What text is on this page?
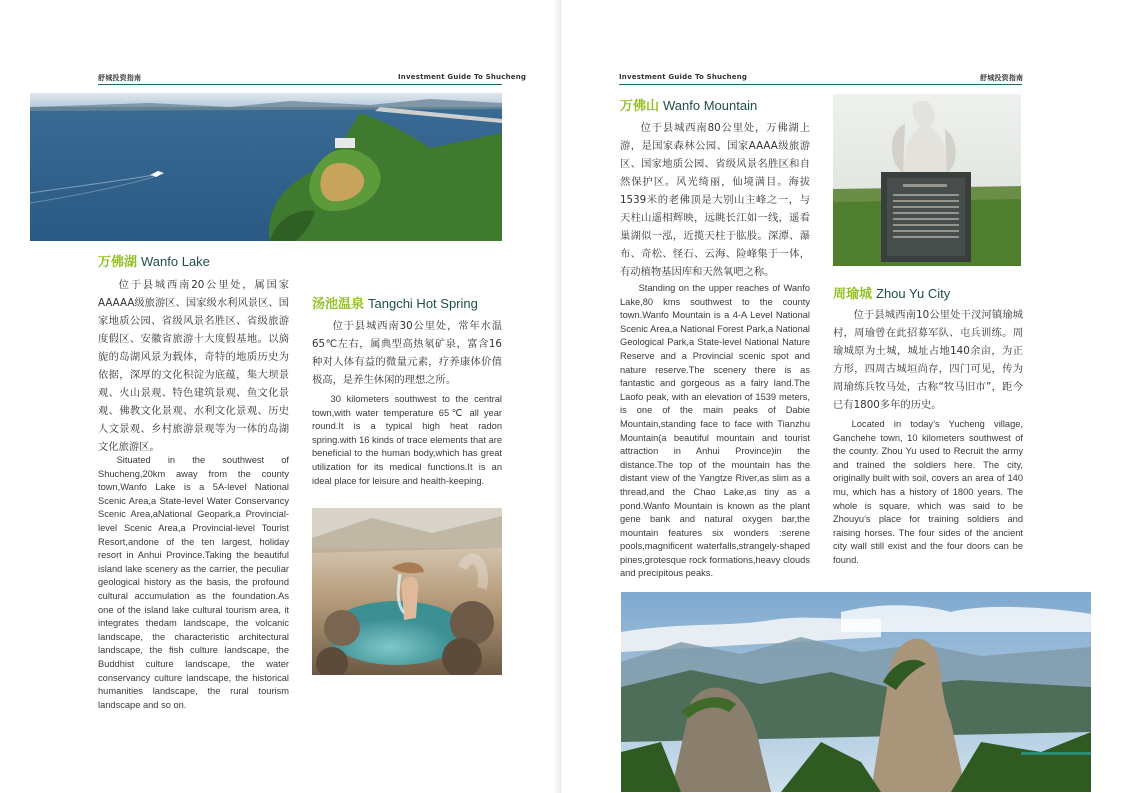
舒城投资指南	Investment Guide To Shucheng
万佛湖 Wanfo Lake
位于县城西南20公里处，属国家AAAAA级旅游区、国家级水利风景区、国家地质公园、省级风景名胜区、省级旅游度假区、安徽省旅游十大度假基地。以旖旎的岛湖风景为载体，奇特的地质历史为依据，深厚的文化积淀为底蕴，集大坝景观、火山景观、特色建筑景观、鱼文化景观、佛教文化景观、水利文化景观、历史人文景观、乡村旅游景观等为一体的岛湖文化旅游区。
Situated in the southwest of Shucheng,20km away from the county town,Wanfo Lake is a 5A-level National Scenic Area,a State-level Water Conservancy Scenic Area,aNational Geopark,a Provincial-level Scenic Area,a Provincial-level Tourist Resort,andone of the ten largest, holiday resort in Anhui Province.Taking the beautiful island lake scenery as the carrier, the peculiar geological history as the basis, the profound cultural accumulation as the foundation.As one of the island lake cultural tourism area, it integrates thedam landscape, the volcanic landscape, the characteristic architectural landscape, the fish culture landscape, the Buddhist culture landscape, the water conservancy culture landscape, the historical humanities landscape, the rural tourism landscape and so on.
汤池温泉 Tangchi Hot Spring
位于县城西南30公里处，常年水温65℃左右，属典型高热氡矿泉，富含16种对人体有益的微量元素，疗养康体价值极高，是养生休闲的理想之所。
30 kilometers southwest to the central town,with water temperature 65℃ all year round.It is a typical high heat radon spring.with 16 kinds of trace elements that are beneficial to the human body,which has great utilization for its medical functions.It is an ideal place for leisure and health-keeping.
Investment Guide To Shucheng	舒城投资指南
万佛山 Wanfo Mountain
位于县城西南80公里处，万佛湖上游，是国家森林公园、国家AAAA级旅游区、国家地质公园、省级风景名胜区和自然保护区。风光绮丽，仙境满目。海拔1539米的老佛顶是大别山主峰之一，与天柱山遥相辉映，远眺长江如一线，遥看巢湖似一泓，近揽天柱于肱股。深潭、瀑布、奇松、怪石、云海、险峰集于一体，有动植物基因库和天然氧吧之称。
Standing on the upper reaches of Wanfo Lake,80 kms southwest to the county town.Wanfo Mountain is a 4-A Level National Scenic Area,a National Forest Park,a National Geological Park,a State-level National Nature Reserve and a Provincial scenic spot and nature reserve.The scenery there is as fantastic and gorgeous as a fairy land.The Laofo peak, with an elevation of 1539 meters, is one of the main peaks of Dabie Mountain,standing face to face with Tianzhu Mountain(a beautiful mountain and tourist attraction in Anhui Province)in the distance.The top of the mountain has the distant view of the Yangtze River,as slim as a thread,and the Chao Lake,as tiny as a pond.Wanfo Mountain is known as the plant gene bank and natural oxygen bar,the mountain features six wonders :serene pools,magnificent waterfalls,strangely-shaped pines,grotesque rock formations,heavy clouds and precipitous peaks.
周瑜城 Zhou Yu City
位于县城西南10公里处干汊河镇瑜城村，周瑜曾在此招募军队、屯兵训练。周瑜城原为土城，城址占地140余亩，为正方形，四周古城垣尚存，四门可见，传为周瑜练兵牧马处，古称“牧马旧市”，距今已有1800多年的历史。
Located in today’s Yucheng village, Ganchehe town, 10 kilometers southwest of the county. Zhou Yu used to Recruit the army and trained the soldiers here. The city, originally built with soil, covers an area of 140 mu, which has a history of 1800 years. The whole is square, which was said to be Zhouyu’s place for training soldiers and raising horses. The four sides of the ancient city wall still exist and the four doors can be found.
